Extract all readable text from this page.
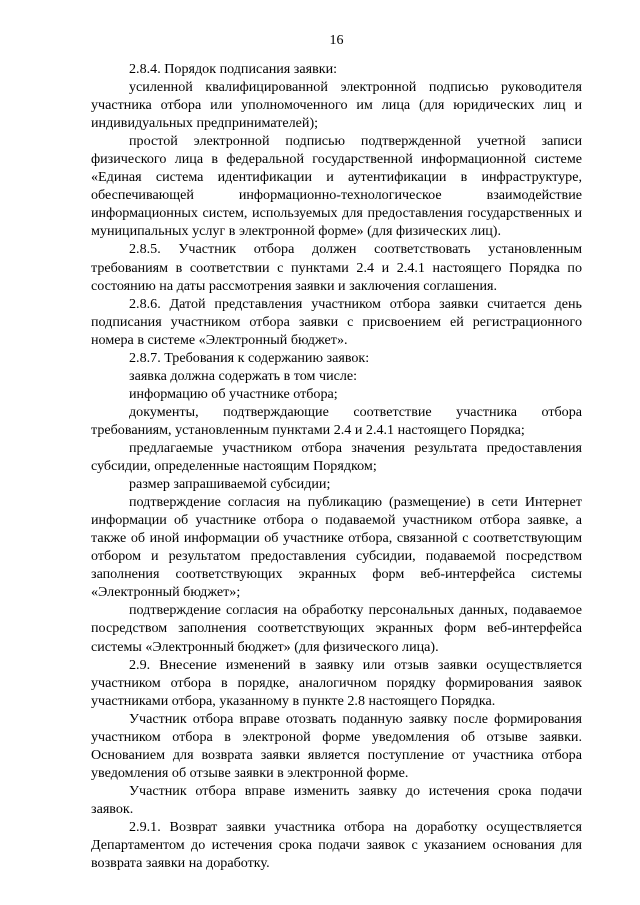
16

2.8.4. Порядок подписания заявки:

усиленной квалифицированной электронной подписью руководителя участника отбора или уполномоченного им лица (для юридических лиц и индивидуальных предпринимателей);

простой электронной подписью подтвержденной учетной записи физического лица в федеральной государственной информационной системе «Единая система идентификации и аутентификации в инфраструктуре, обеспечивающей информационно-технологическое взаимодействие информационных систем, используемых для предоставления государственных и муниципальных услуг в электронной форме» (для физических лиц).

2.8.5. Участник отбора должен соответствовать установленным требованиям в соответствии с пунктами 2.4 и 2.4.1 настоящего Порядка по состоянию на даты рассмотрения заявки и заключения соглашения.

2.8.6. Датой представления участником отбора заявки считается день подписания участником отбора заявки с присвоением ей регистрационного номера в системе «Электронный бюджет».

2.8.7. Требования к содержанию заявок:

заявка должна содержать в том числе:

информацию об участнике отбора;

документы, подтверждающие соответствие участника отбора требованиям, установленным пунктами 2.4 и 2.4.1 настоящего Порядка;

предлагаемые участником отбора значения результата предоставления субсидии, определенные настоящим Порядком;

размер запрашиваемой субсидии;

подтверждение согласия на публикацию (размещение) в сети Интернет информации об участнике отбора о подаваемой участником отбора заявке, а также об иной информации об участнике отбора, связанной с соответствующим отбором и результатом предоставления субсидии, подаваемой посредством заполнения соответствующих экранных форм веб-интерфейса системы «Электронный бюджет»;

подтверждение согласия на обработку персональных данных, подаваемое посредством заполнения соответствующих экранных форм веб-интерфейса системы «Электронный бюджет» (для физического лица).

2.9. Внесение изменений в заявку или отзыв заявки осуществляется участником отбора в порядке, аналогичном порядку формирования заявок участниками отбора, указанному в пункте 2.8 настоящего Порядка.

Участник отбора вправе отозвать поданную заявку после формирования участником отбора в электроной форме уведомления об отзыве заявки. Основанием для возврата заявки является поступление от участника отбора уведомления об отзыве заявки в электронной форме.

Участник отбора вправе изменить заявку до истечения срока подачи заявок.

2.9.1. Возврат заявки участника отбора на доработку осуществляется Департаментом до истечения срока подачи заявок с указанием основания для возврата заявки на доработку.
